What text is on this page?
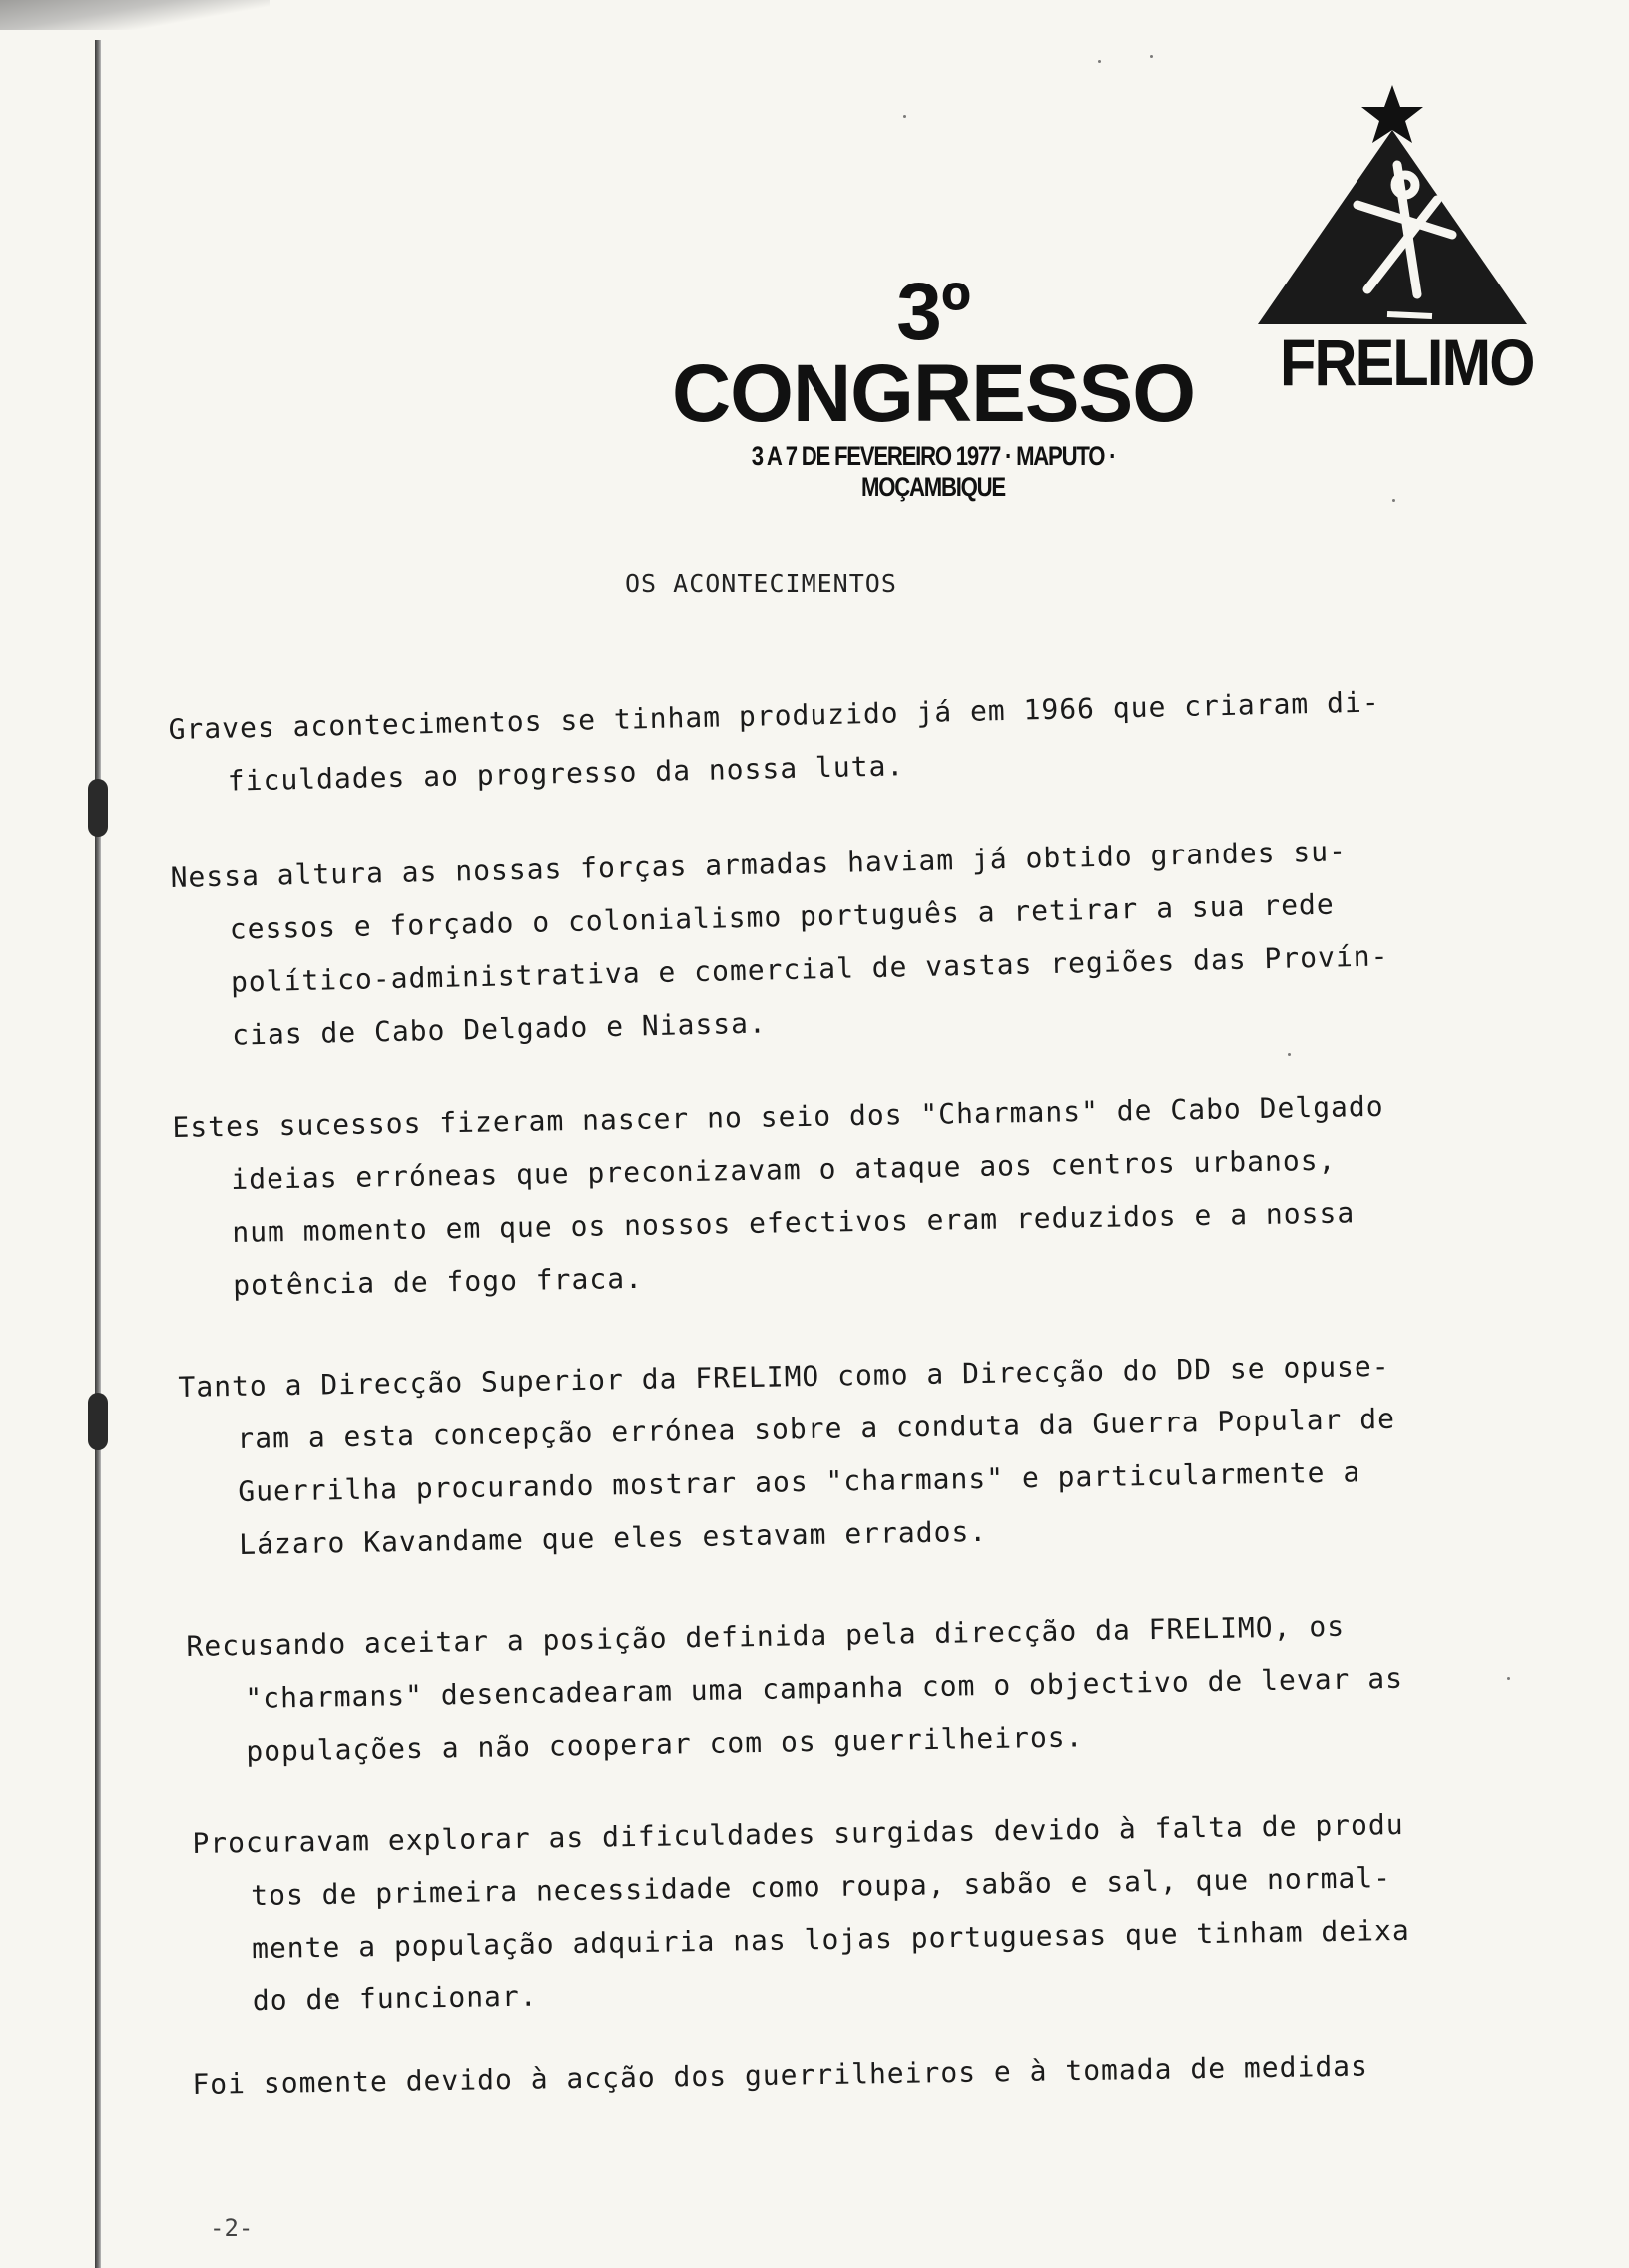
3º CONGRESSO
3 A 7 DE FEVEREIRO 1977 · MAPUTO · MOÇAMBIQUE
FRELIMO
OS ACONTECIMENTOS
Graves acontecimentos se tinham produzido já em 1966 que criaram di-
ficuldades ao progresso da nossa luta.
Nessa altura as nossas forças armadas haviam já obtido grandes su-
cessos e forçado o colonialismo português a retirar a sua rede
político-administrativa e comercial de vastas regiões das Provín-
cias de Cabo Delgado e Niassa.
Estes sucessos fizeram nascer no seio dos "Charmans" de Cabo Delgado
ideias erróneas que preconizavam o ataque aos centros urbanos,
num momento em que os nossos efectivos eram reduzidos e a nossa
potência de fogo fraca.
Tanto a Direcção Superior da FRELIMO como a Direcção do DD se opuse-
ram a esta concepção errónea sobre a conduta da Guerra Popular de
Guerrilha procurando mostrar aos "charmans" e particularmente a
Lázaro Kavandame que eles estavam errados.
Recusando aceitar a posição definida pela direcção da FRELIMO, os
"charmans" desencadearam uma campanha com o objectivo de levar as
populações a não cooperar com os guerrilheiros.
Procuravam explorar as dificuldades surgidas devido à falta de produ
tos de primeira necessidade como roupa, sabão e sal, que normal-
mente a população adquiria nas lojas portuguesas que tinham deixa
do de funcionar.
Foi somente devido à acção dos guerrilheiros e à tomada de medidas
-2-
